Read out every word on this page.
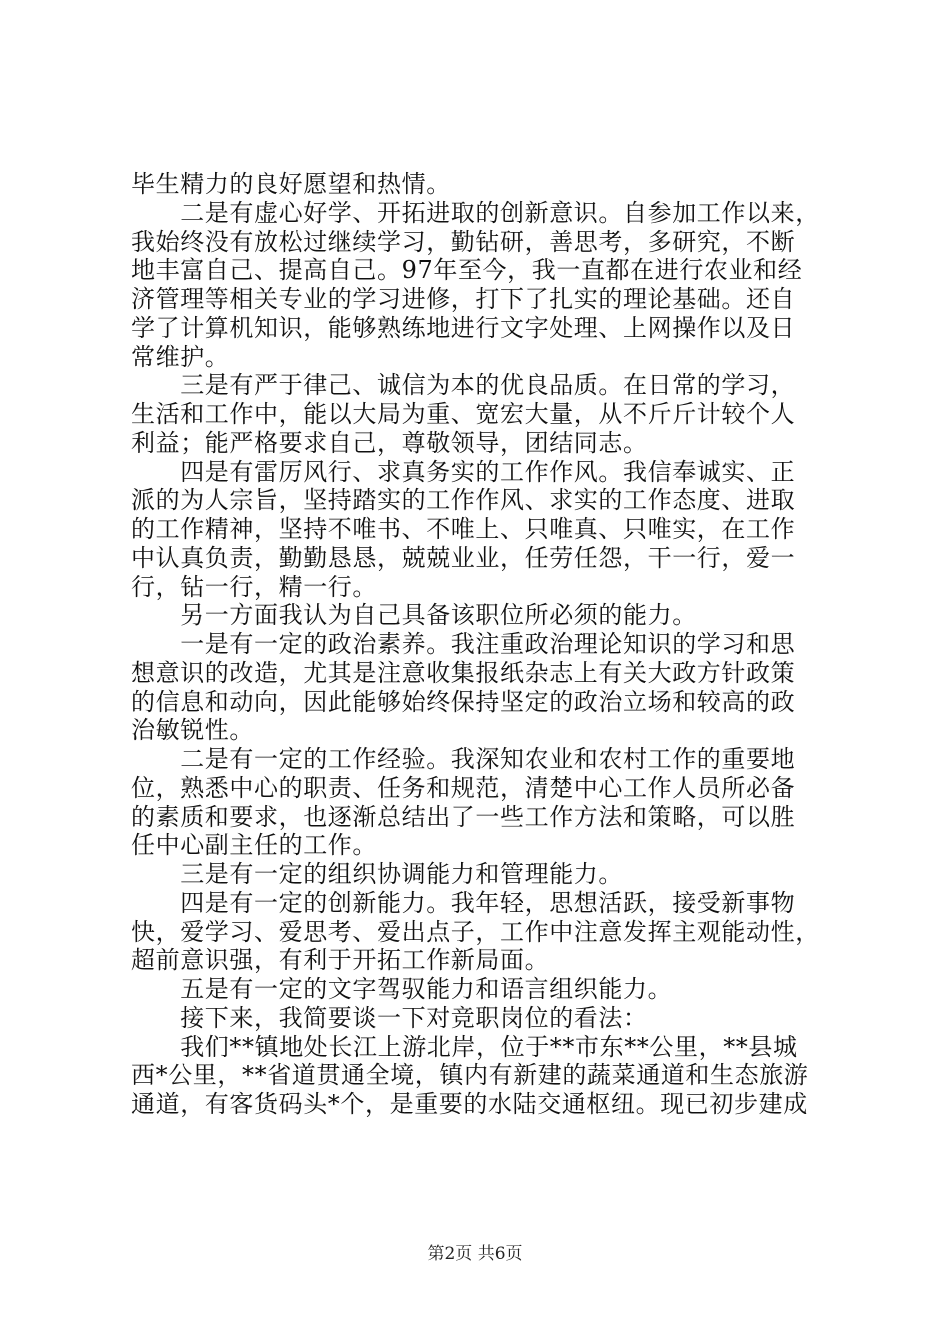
毕生精力的良好愿望和热情。
　　二是有虚心好学、开拓进取的创新意识。自参加工作以来，
我始终没有放松过继续学习，勤钻研，善思考，多研究，不断
地丰富自己、提高自己。97年至今，我一直都在进行农业和经
济管理等相关专业的学习进修，打下了扎实的理论基础。还自
学了计算机知识，能够熟练地进行文字处理、上网操作以及日
常维护。
　　三是有严于律己、诚信为本的优良品质。在日常的学习，
生活和工作中，能以大局为重、宽宏大量，从不斤斤计较个人
利益；能严格要求自己，尊敬领导，团结同志。
　　四是有雷厉风行、求真务实的工作作风。我信奉诚实、正
派的为人宗旨，坚持踏实的工作作风、求实的工作态度、进取
的工作精神，坚持不唯书、不唯上、只唯真、只唯实，在工作
中认真负责，勤勤恳恳，兢兢业业，任劳任怨，干一行，爱一
行，钻一行，精一行。
　　另一方面我认为自己具备该职位所必须的能力。
　　一是有一定的政治素养。我注重政治理论知识的学习和思
想意识的改造，尤其是注意收集报纸杂志上有关大政方针政策
的信息和动向，因此能够始终保持坚定的政治立场和较高的政
治敏锐性。
　　二是有一定的工作经验。我深知农业和农村工作的重要地
位，熟悉中心的职责、任务和规范，清楚中心工作人员所必备
的素质和要求，也逐渐总结出了一些工作方法和策略，可以胜
任中心副主任的工作。
　　三是有一定的组织协调能力和管理能力。
　　四是有一定的创新能力。我年轻，思想活跃，接受新事物
快，爱学习、爱思考、爱出点子，工作中注意发挥主观能动性，
超前意识强，有利于开拓工作新局面。
　　五是有一定的文字驾驭能力和语言组织能力。
　　接下来，我简要谈一下对竞职岗位的看法：
　　我们**镇地处长江上游北岸，位于**市东**公里，**县城
西*公里，**省道贯通全境，镇内有新建的蔬菜通道和生态旅游
通道，有客货码头*个，是重要的水陆交通枢纽。现已初步建成
第2页 共6页
